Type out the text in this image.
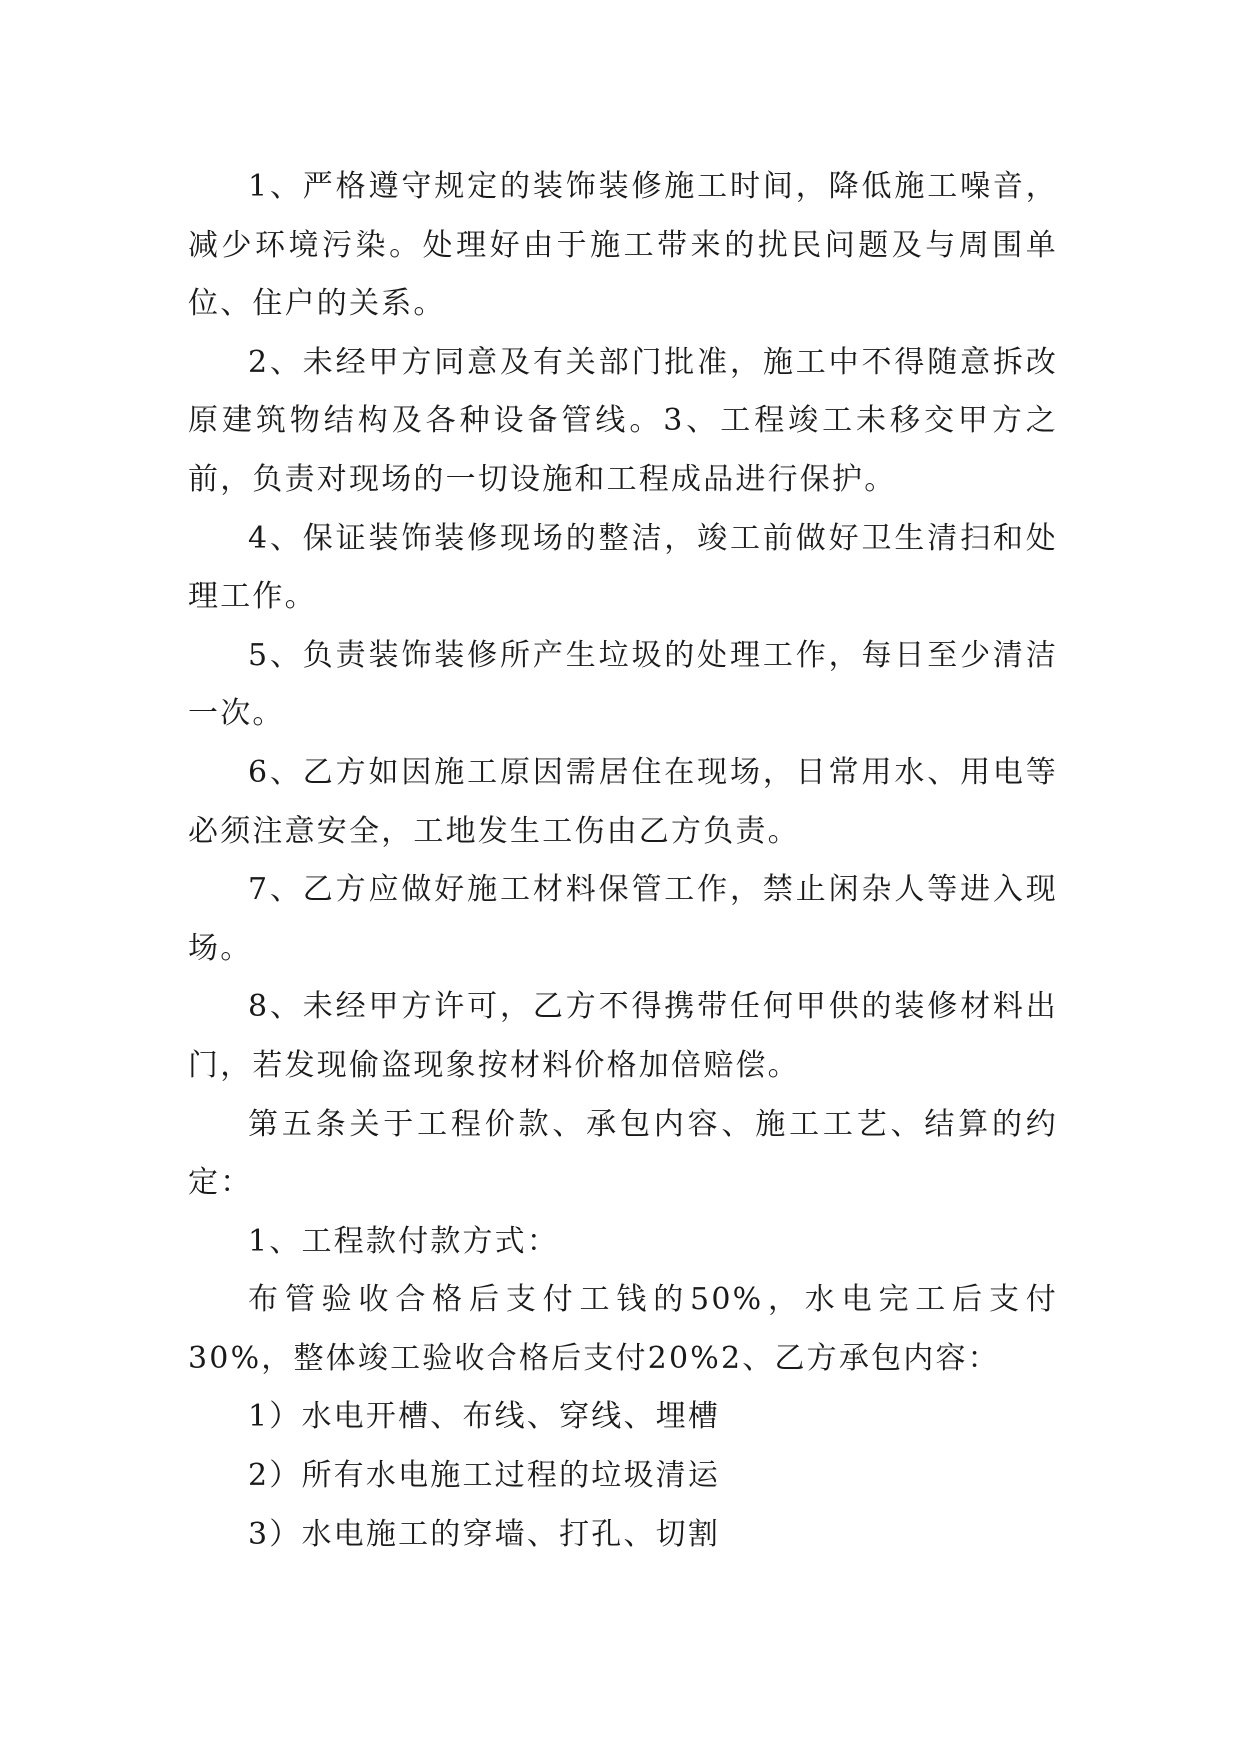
1、严格遵守规定的装饰装修施工时间，降低施工噪音，减少环境污染。处理好由于施工带来的扰民问题及与周围单位、住户的关系。

2、未经甲方同意及有关部门批准，施工中不得随意拆改原建筑物结构及各种设备管线。3、工程竣工未移交甲方之前，负责对现场的一切设施和工程成品进行保护。

4、保证装饰装修现场的整洁，竣工前做好卫生清扫和处理工作。

5、负责装饰装修所产生垃圾的处理工作，每日至少清洁一次。

6、乙方如因施工原因需居住在现场，日常用水、用电等必须注意安全，工地发生工伤由乙方负责。

7、乙方应做好施工材料保管工作，禁止闲杂人等进入现场。

8、未经甲方许可，乙方不得携带任何甲供的装修材料出门，若发现偷盗现象按材料价格加倍赔偿。

第五条关于工程价款、承包内容、施工工艺、结算的约定：

1、工程款付款方式：

布管验收合格后支付工钱的50%，水电完工后支付30%，整体竣工验收合格后支付20%2、乙方承包内容：

1）水电开槽、布线、穿线、埋槽

2）所有水电施工过程的垃圾清运

3）水电施工的穿墙、打孔、切割
